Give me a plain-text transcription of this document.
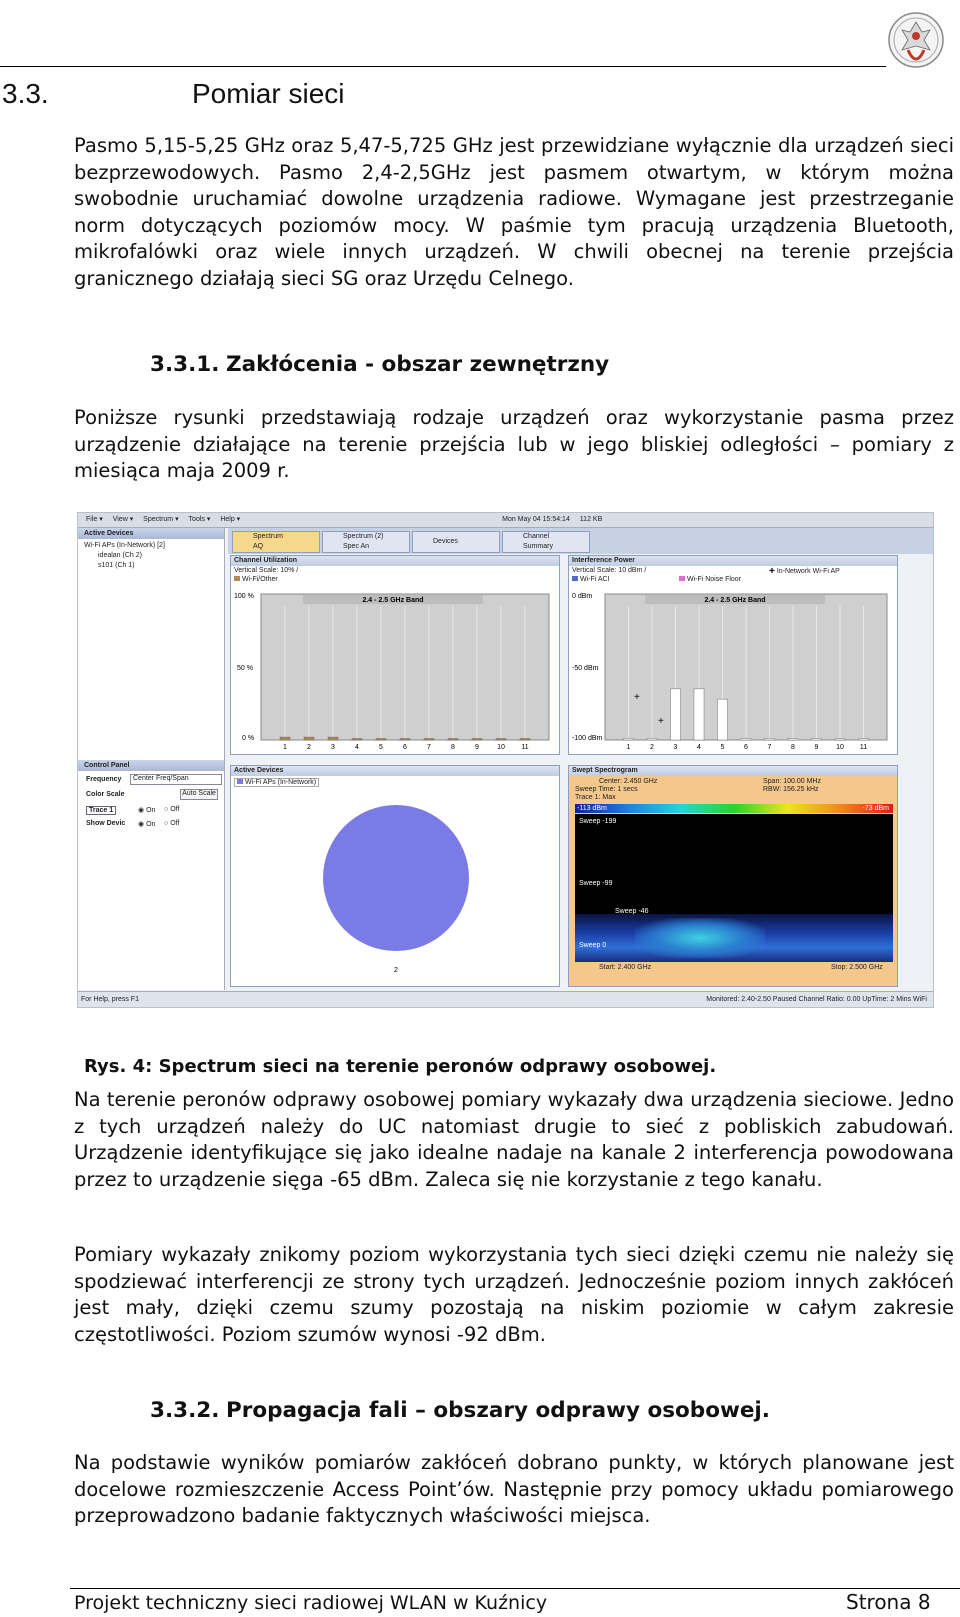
3.3.	Pomiar sieci
Pasmo 5,15-5,25 GHz oraz 5,47-5,725 GHz jest przewidziane wyłącznie dla urządzeń sieci bezprzewodowych. Pasmo 2,4-2,5GHz jest pasmem otwartym, w którym można swobodnie uruchamiać dowolne urządzenia radiowe. Wymagane jest przestrzeganie norm dotyczących poziomów mocy. W paśmie tym pracują urządzenia Bluetooth, mikrofalówki oraz wiele innych urządzeń. W chwili obecnej na terenie przejścia granicznego działają sieci SG oraz Urzędu Celnego.
3.3.1. Zakłócenia - obszar zewnętrzny
Poniższe rysunki przedstawiają rodzaje urządzeń oraz wykorzystanie pasma przez urządzenie działające na terenie przejścia lub w jego bliskiej odległości – pomiary z miesiąca maja 2009 r.
File ▾ View ▾ Spectrum ▾ Tools ▾ Help ▾	Mon May 04 15:54:14 112 KB
Active Devices
Wi-Fi APs (In-Network) [2]
idealan (Ch 2)
s101 (Ch 1)
Control Panel
Frequency	Center Freq/Span
Color Scale	Auto Scale
Trace 1	◉ On ○ Off
Show Devic ◉ On ○ Off
Spectrum
AQ
Spectrum (2)
Spec An
Devices
Channel
Summary
Channel Utilization
Vertical Scale: 10% /
Wi-Fi/Other
2.4 - 2.5 GHz Band
100 %
50 %
0 %
1	2	3	4	5	6	7	8	9	10 11
Interference Power
Vertical Scale: 10 dBm /	✚ In-Network Wi-Fi AP
Wi-Fi ACI	Wi-Fi Noise Floor
2.4 - 2.5 GHz Band
0 dBm
-50 dBm
-100 dBm
1	2	3	4	5	6	7	8	9	10 11
+
+
Active Devices
Wi-Fi APs (In-Network)
2
Swept Spectrogram
Center: 2.450 GHz	Span: 100.00 MHz
Sweep Time: 1 secs	RBW: 156.25 kHz
Trace 1: Max
-113 dBm	-73 dBm
Sweep -199
Sweep -99
Sweep -46
Sweep 0
Start: 2.400 GHz	Stop: 2.500 GHz
For Help, press F1	Monitored: 2.40-2.50 Paused Channel Ratio: 0.00 UpTime: 2 Mins WiFi
Rys. 4: Spectrum sieci na terenie peronów odprawy osobowej.
Na terenie peronów odprawy osobowej pomiary wykazały dwa urządzenia sieciowe. Jedno z tych urządzeń należy do UC natomiast drugie to sieć z pobliskich zabudowań. Urządzenie identyfikujące się jako idealne nadaje na kanale 2 interferencja powodowana przez to urządzenie sięga -65 dBm. Zaleca się nie korzystanie z tego kanału.
Pomiary wykazały znikomy poziom wykorzystania tych sieci dzięki czemu nie należy się spodziewać interferencji ze strony tych urządzeń. Jednocześnie poziom innych zakłóceń jest mały, dzięki czemu szumy pozostają na niskim poziomie w całym zakresie częstotliwości. Poziom szumów wynosi -92 dBm.
3.3.2. Propagacja fali – obszary odprawy osobowej.
Na podstawie wyników pomiarów zakłóceń dobrano punkty, w których planowane jest docelowe rozmieszczenie Access Point’ów. Następnie przy pomocy układu pomiarowego przeprowadzono badanie faktycznych właściwości miejsca.
Projekt techniczny sieci radiowej WLAN w Kuźnicy	Strona 8
